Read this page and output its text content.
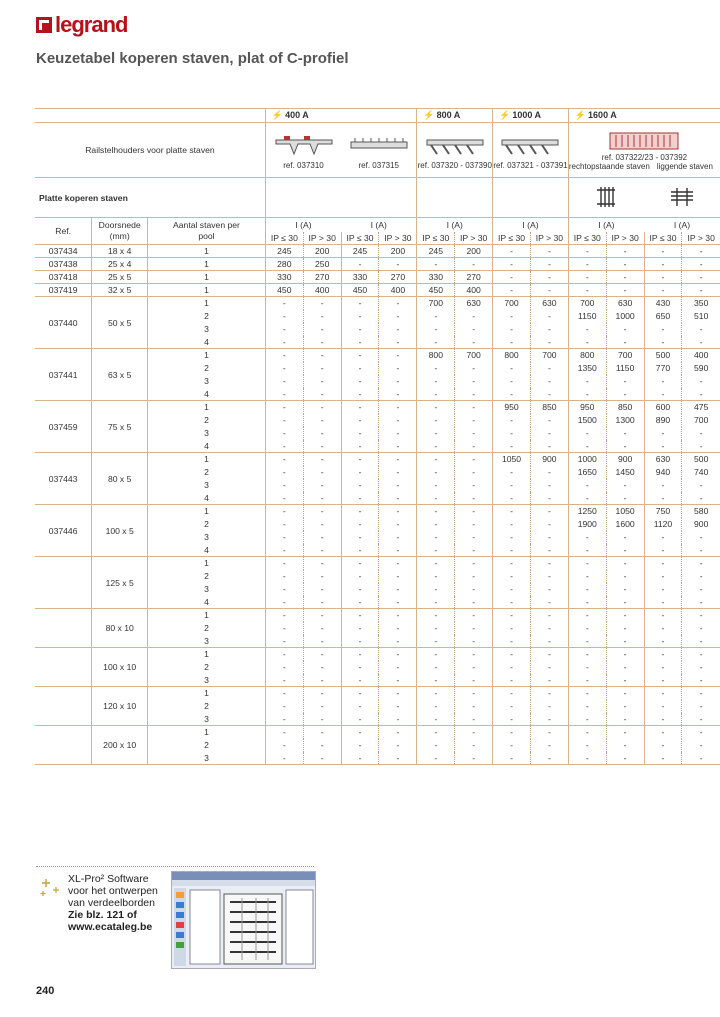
legrand
Keuzetabel koperen staven, plat of C-profiel
			⚡ 400 A				⚡ 800 A		⚡ 1000 A		⚡ 1600 A			
Railstelhouders voor platte staven			ref. 037310		ref. 037315		ref. 037320 - 037390		ref. 037321 - 037391		ref. 037322/23 - 037392
rechtopstaande staven liggende staven			

Platte koperen staven						
Ref.	Doorsnede (mm)	Aantal staven per pool	I (A)		I (A)		I (A)		I (A)		I (A)		I (A)	
			IP ≤ 30	IP > 30	IP ≤ 30	IP > 30	IP ≤ 30	IP > 30	IP ≤ 30	IP > 30	IP ≤ 30	IP > 30	IP ≤ 30	IP > 30
037434	18 x 4	1	245	200	245	200	245	200	-	-	-	-	-	-
037438	25 x 4	1	280	250	-	-	-	-	-	-	-	-	-	-
037418	25 x 5	1	330	270	330	270	330	270	-	-	-	-	-	-
037419	32 x 5	1	450	400	450	400	450	400	-	-	-	-	-	-
037440	50 x 5	1	-	-	-	-	700	630	700	630	700	630	430	350
		2	-	-	-	-	-	-	-	-	1150	1000	650	510
		3	-	-	-	-	-	-	-	-	-	-	-	-
		4	-	-	-	-	-	-	-	-	-	-	-	-
037441	63 x 5	1	-	-	-	-	800	700	800	700	800	700	500	400
		2	-	-	-	-	-	-	-	-	1350	1150	770	590
		3	-	-	-	-	-	-	-	-	-	-	-	-
		4	-	-	-	-	-	-	-	-	-	-	-	-
037459	75 x 5	1	-	-	-	-	-	-	950	850	950	850	600	475
		2	-	-	-	-	-	-	-	-	1500	1300	890	700
		3	-	-	-	-	-	-	-	-	-	-	-	-
		4	-	-	-	-	-	-	-	-	-	-	-	-
037443	80 x 5	1	-	-	-	-	-	-	1050	900	1000	900	630	500
		2	-	-	-	-	-	-	-	-	1650	1450	940	740
		3	-	-	-	-	-	-	-	-	-	-	-	-
		4	-	-	-	-	-	-	-	-	-	-	-	-
037446	100 x 5	1	-	-	-	-	-	-	-	-	1250	1050	750	580
		2	-	-	-	-	-	-	-	-	1900	1600	1120	900
		3	-	-	-	-	-	-	-	-	-	-	-	-
		4	-	-	-	-	-	-	-	-	-	-	-	-
	125 x 5	1	-	-	-	-	-	-	-	-	-	-	-	-
		2	-	-	-	-	-	-	-	-	-	-	-	-
		3	-	-	-	-	-	-	-	-	-	-	-	-
		4	-	-	-	-	-	-	-	-	-	-	-	-
	80 x 10	1	-	-	-	-	-	-	-	-	-	-	-	-
		2	-	-	-	-	-	-	-	-	-	-	-	-
		3	-	-	-	-	-	-	-	-	-	-	-	-
	100 x 10	1	-	-	-	-	-	-	-	-	-	-	-	-
		2	-	-	-	-	-	-	-	-	-	-	-	-
		3	-	-	-	-	-	-	-	-	-	-	-	-
	120 x 10	1	-	-	-	-	-	-	-	-	-	-	-	-
		2	-	-	-	-	-	-	-	-	-	-	-	-
		3	-	-	-	-	-	-	-	-	-	-	-	-
	200 x 10	1	-	-	-	-	-	-	-	-	-	-	-	-
		2	-	-	-	-	-	-	-	-	-	-	-	-
		3	-	-	-	-	-	-	-	-	-	-	-	-
XL-Pro² Software
voor het ontwerpen
van verdeelborden
Zie blz. 121 of
www.ecataleg.be
240
